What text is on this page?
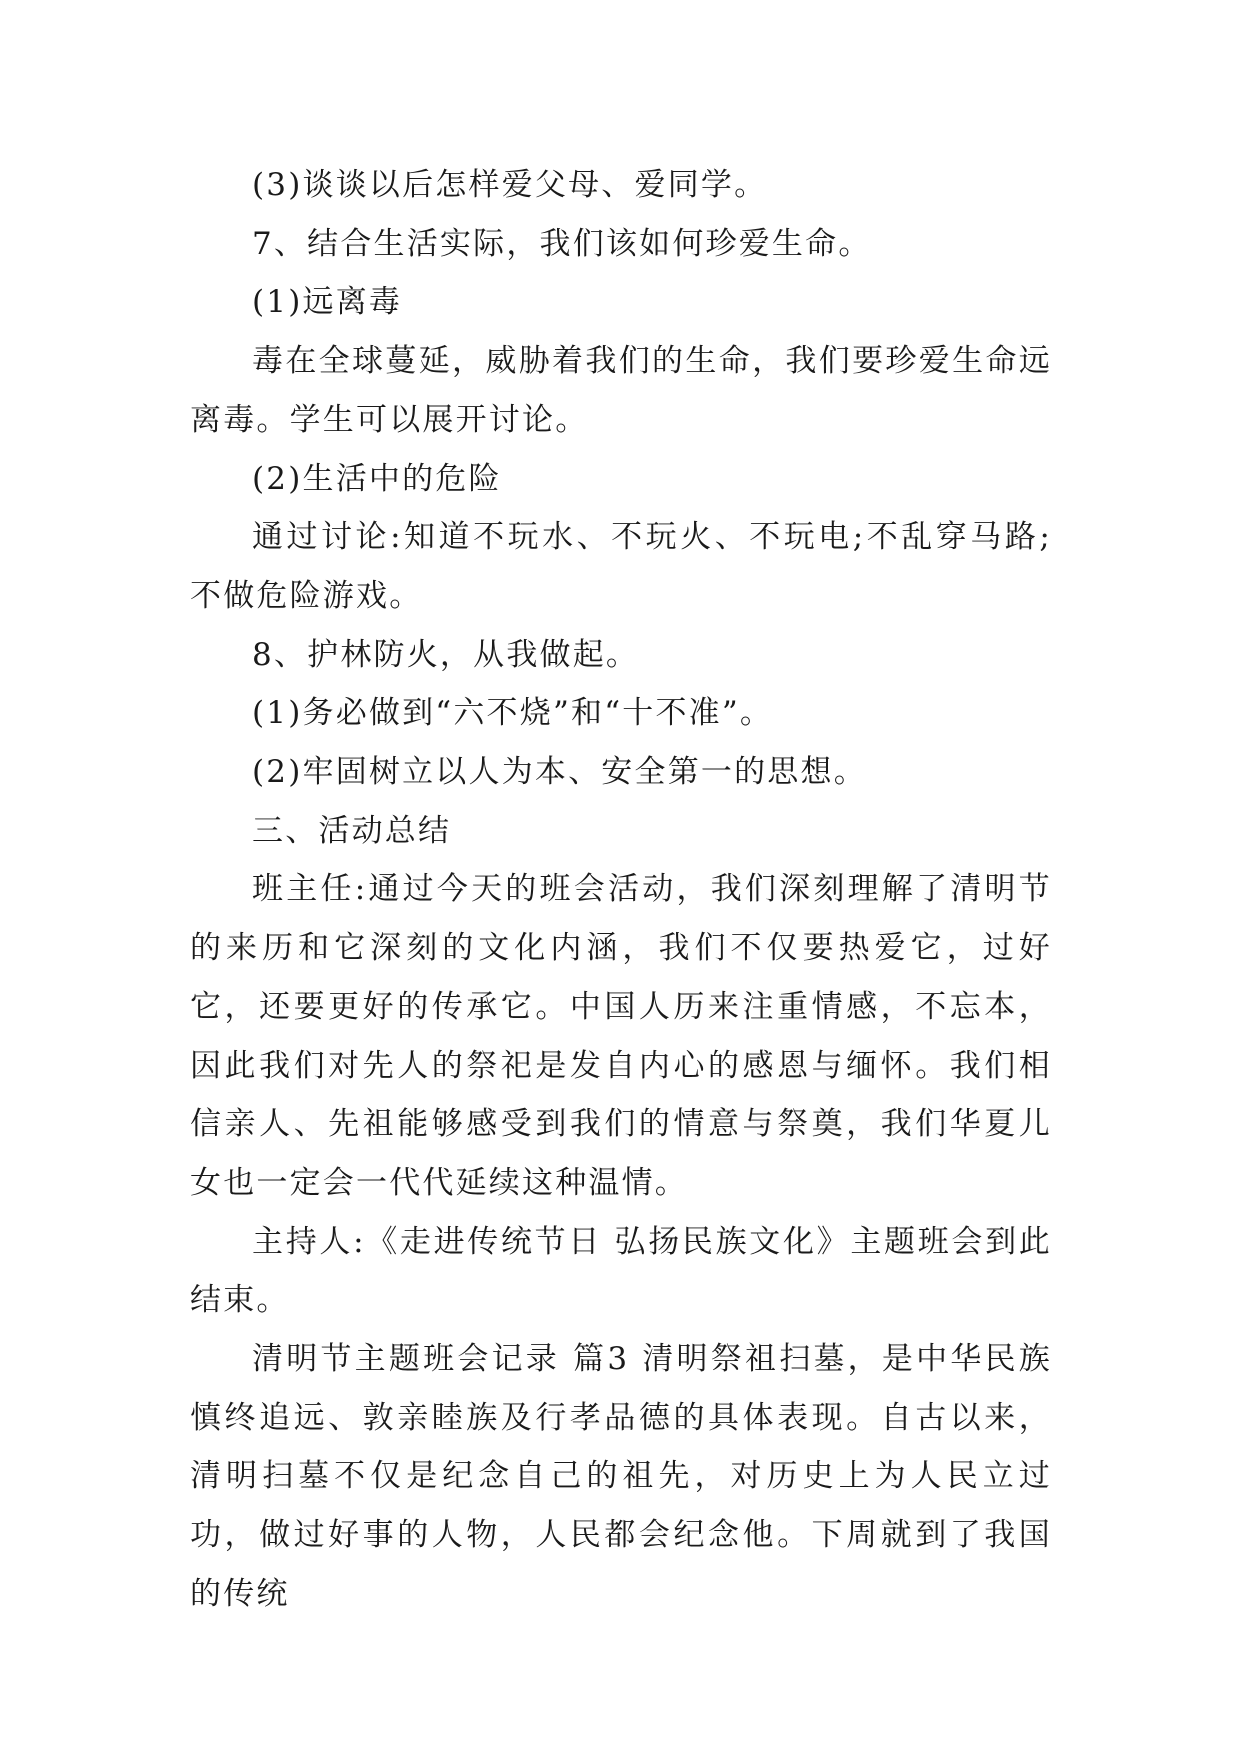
(3)谈谈以后怎样爱父母、爱同学。

7、结合生活实际，我们该如何珍爱生命。

(1)远离毒

毒在全球蔓延，威胁着我们的生命，我们要珍爱生命远离毒。学生可以展开讨论。

(2)生活中的危险

通过讨论:知道不玩水、不玩火、不玩电;不乱穿马路;不做危险游戏。

8、护林防火，从我做起。

(1)务必做到“六不烧”和“十不准”。

(2)牢固树立以人为本、安全第一的思想。

三、活动总结

班主任:通过今天的班会活动，我们深刻理解了清明节的来历和它深刻的文化内涵，我们不仅要热爱它，过好它，还要更好的传承它。中国人历来注重情感，不忘本，因此我们对先人的祭祀是发自内心的感恩与缅怀。我们相信亲人、先祖能够感受到我们的情意与祭奠，我们华夏儿女也一定会一代代延续这种温情。

主持人:《走进传统节日 弘扬民族文化》主题班会到此结束。

清明节主题班会记录 篇3 清明祭祖扫墓，是中华民族慎终追远、敦亲睦族及行孝品德的具体表现。自古以来，清明扫墓不仅是纪念自己的祖先，对历史上为人民立过功，做过好事的人物，人民都会纪念他。下周就到了我国的传统
